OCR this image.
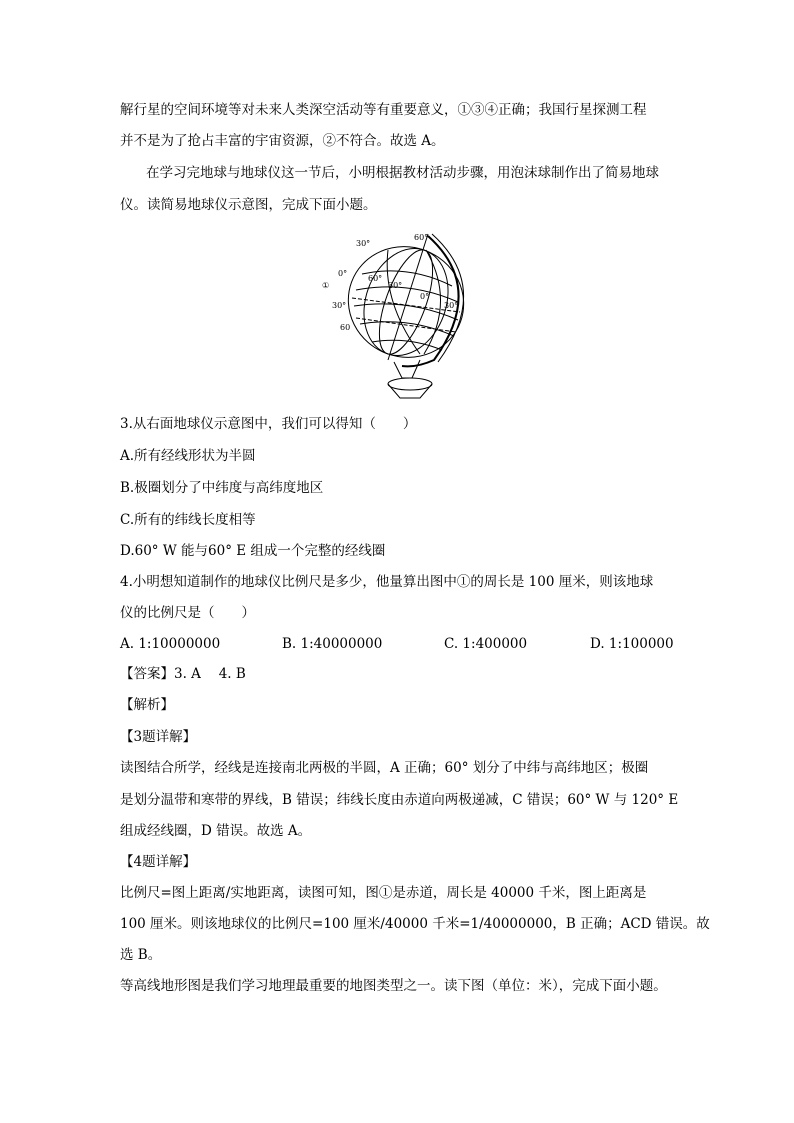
解行星的空间环境等对未来人类深空活动等有重要意义，①③④正确；我国行星探测工程
并不是为了抢占丰富的宇宙资源，②不符合。故选 A。
在学习完地球与地球仪这一节后，小明根据教材活动步骤，用泡沫球制作出了简易地球
仪。读简易地球仪示意图，完成下面小题。
30°
60°
0°
60°
30°
①
30°
0°
30°
60
3.从右面地球仪示意图中，我们可以得知（　　）
A.所有经线形状为半圆
B.极圈划分了中纬度与高纬度地区
C.所有的纬线长度相等
D.60° W 能与60° E 组成一个完整的经线圈
4.小明想知道制作的地球仪比例尺是多少，他量算出图中①的周长是 100 厘米，则该地球
仪的比例尺是（　　）
A. 1:10000000	B. 1:40000000	C. 1:400000	D. 1:100000
【答案】3. A　 4. B
【解析】
【3题详解】
读图结合所学，经线是连接南北两极的半圆，A 正确；60° 划分了中纬与高纬地区；极圈
是划分温带和寒带的界线，B 错误；纬线长度由赤道向两极递减，C 错误；60° W 与 120° E
组成经线圈，D 错误。故选 A。
【4题详解】
比例尺=图上距离/实地距离，读图可知，图①是赤道，周长是 40000 千米，图上距离是
100 厘米。则该地球仪的比例尺=100 厘米/40000 千米=1/40000000，B 正确；ACD 错误。故
选 B。
等高线地形图是我们学习地理最重要的地图类型之一。读下图（单位：米），完成下面小题。
